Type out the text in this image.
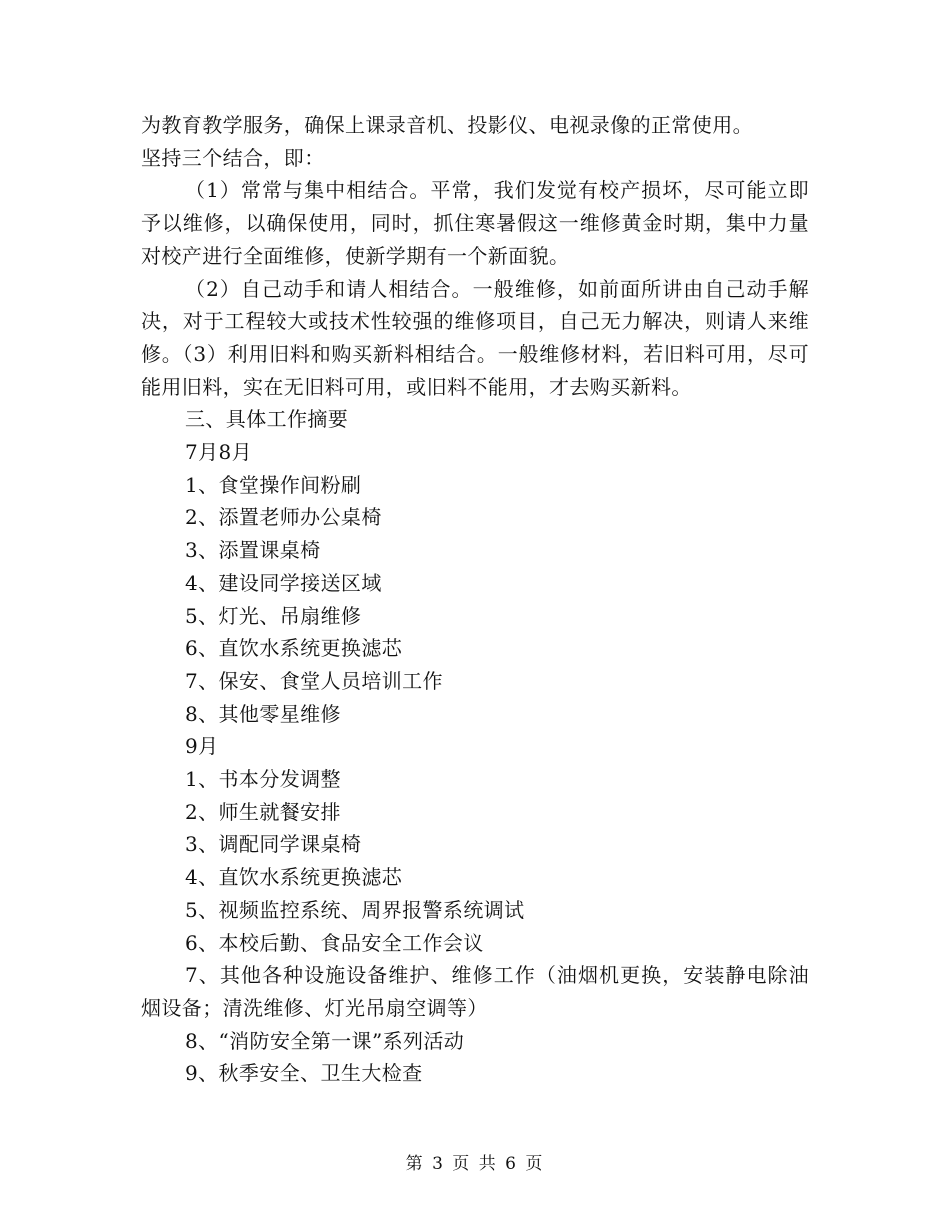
为教育教学服务，确保上课录音机、投影仪、电视录像的正常使用。

坚持三个结合，即：

（1）常常与集中相结合。平常，我们发觉有校产损坏，尽可能立即予以维修，以确保使用，同时，抓住寒暑假这一维修黄金时期，集中力量对校产进行全面维修，使新学期有一个新面貌。

（2）自己动手和请人相结合。一般维修，如前面所讲由自己动手解决，对于工程较大或技术性较强的维修项目，自己无力解决，则请人来维修。（3）利用旧料和购买新料相结合。一般维修材料，若旧料可用，尽可能用旧料，实在无旧料可用，或旧料不能用，才去购买新料。

三、具体工作摘要

7月8月

1、食堂操作间粉刷

2、添置老师办公桌椅

3、添置课桌椅

4、建设同学接送区域

5、灯光、吊扇维修

6、直饮水系统更换滤芯

7、保安、食堂人员培训工作

8、其他零星维修

9月

1、书本分发调整

2、师生就餐安排

3、调配同学课桌椅

4、直饮水系统更换滤芯

5、视频监控系统、周界报警系统调试

6、本校后勤、食品安全工作会议

7、其他各种设施设备维护、维修工作（油烟机更换，安装静电除油烟设备；清洗维修、灯光吊扇空调等）

8、“消防安全第一课”系列活动

9、秋季安全、卫生大检查

第 3 页 共 6 页
